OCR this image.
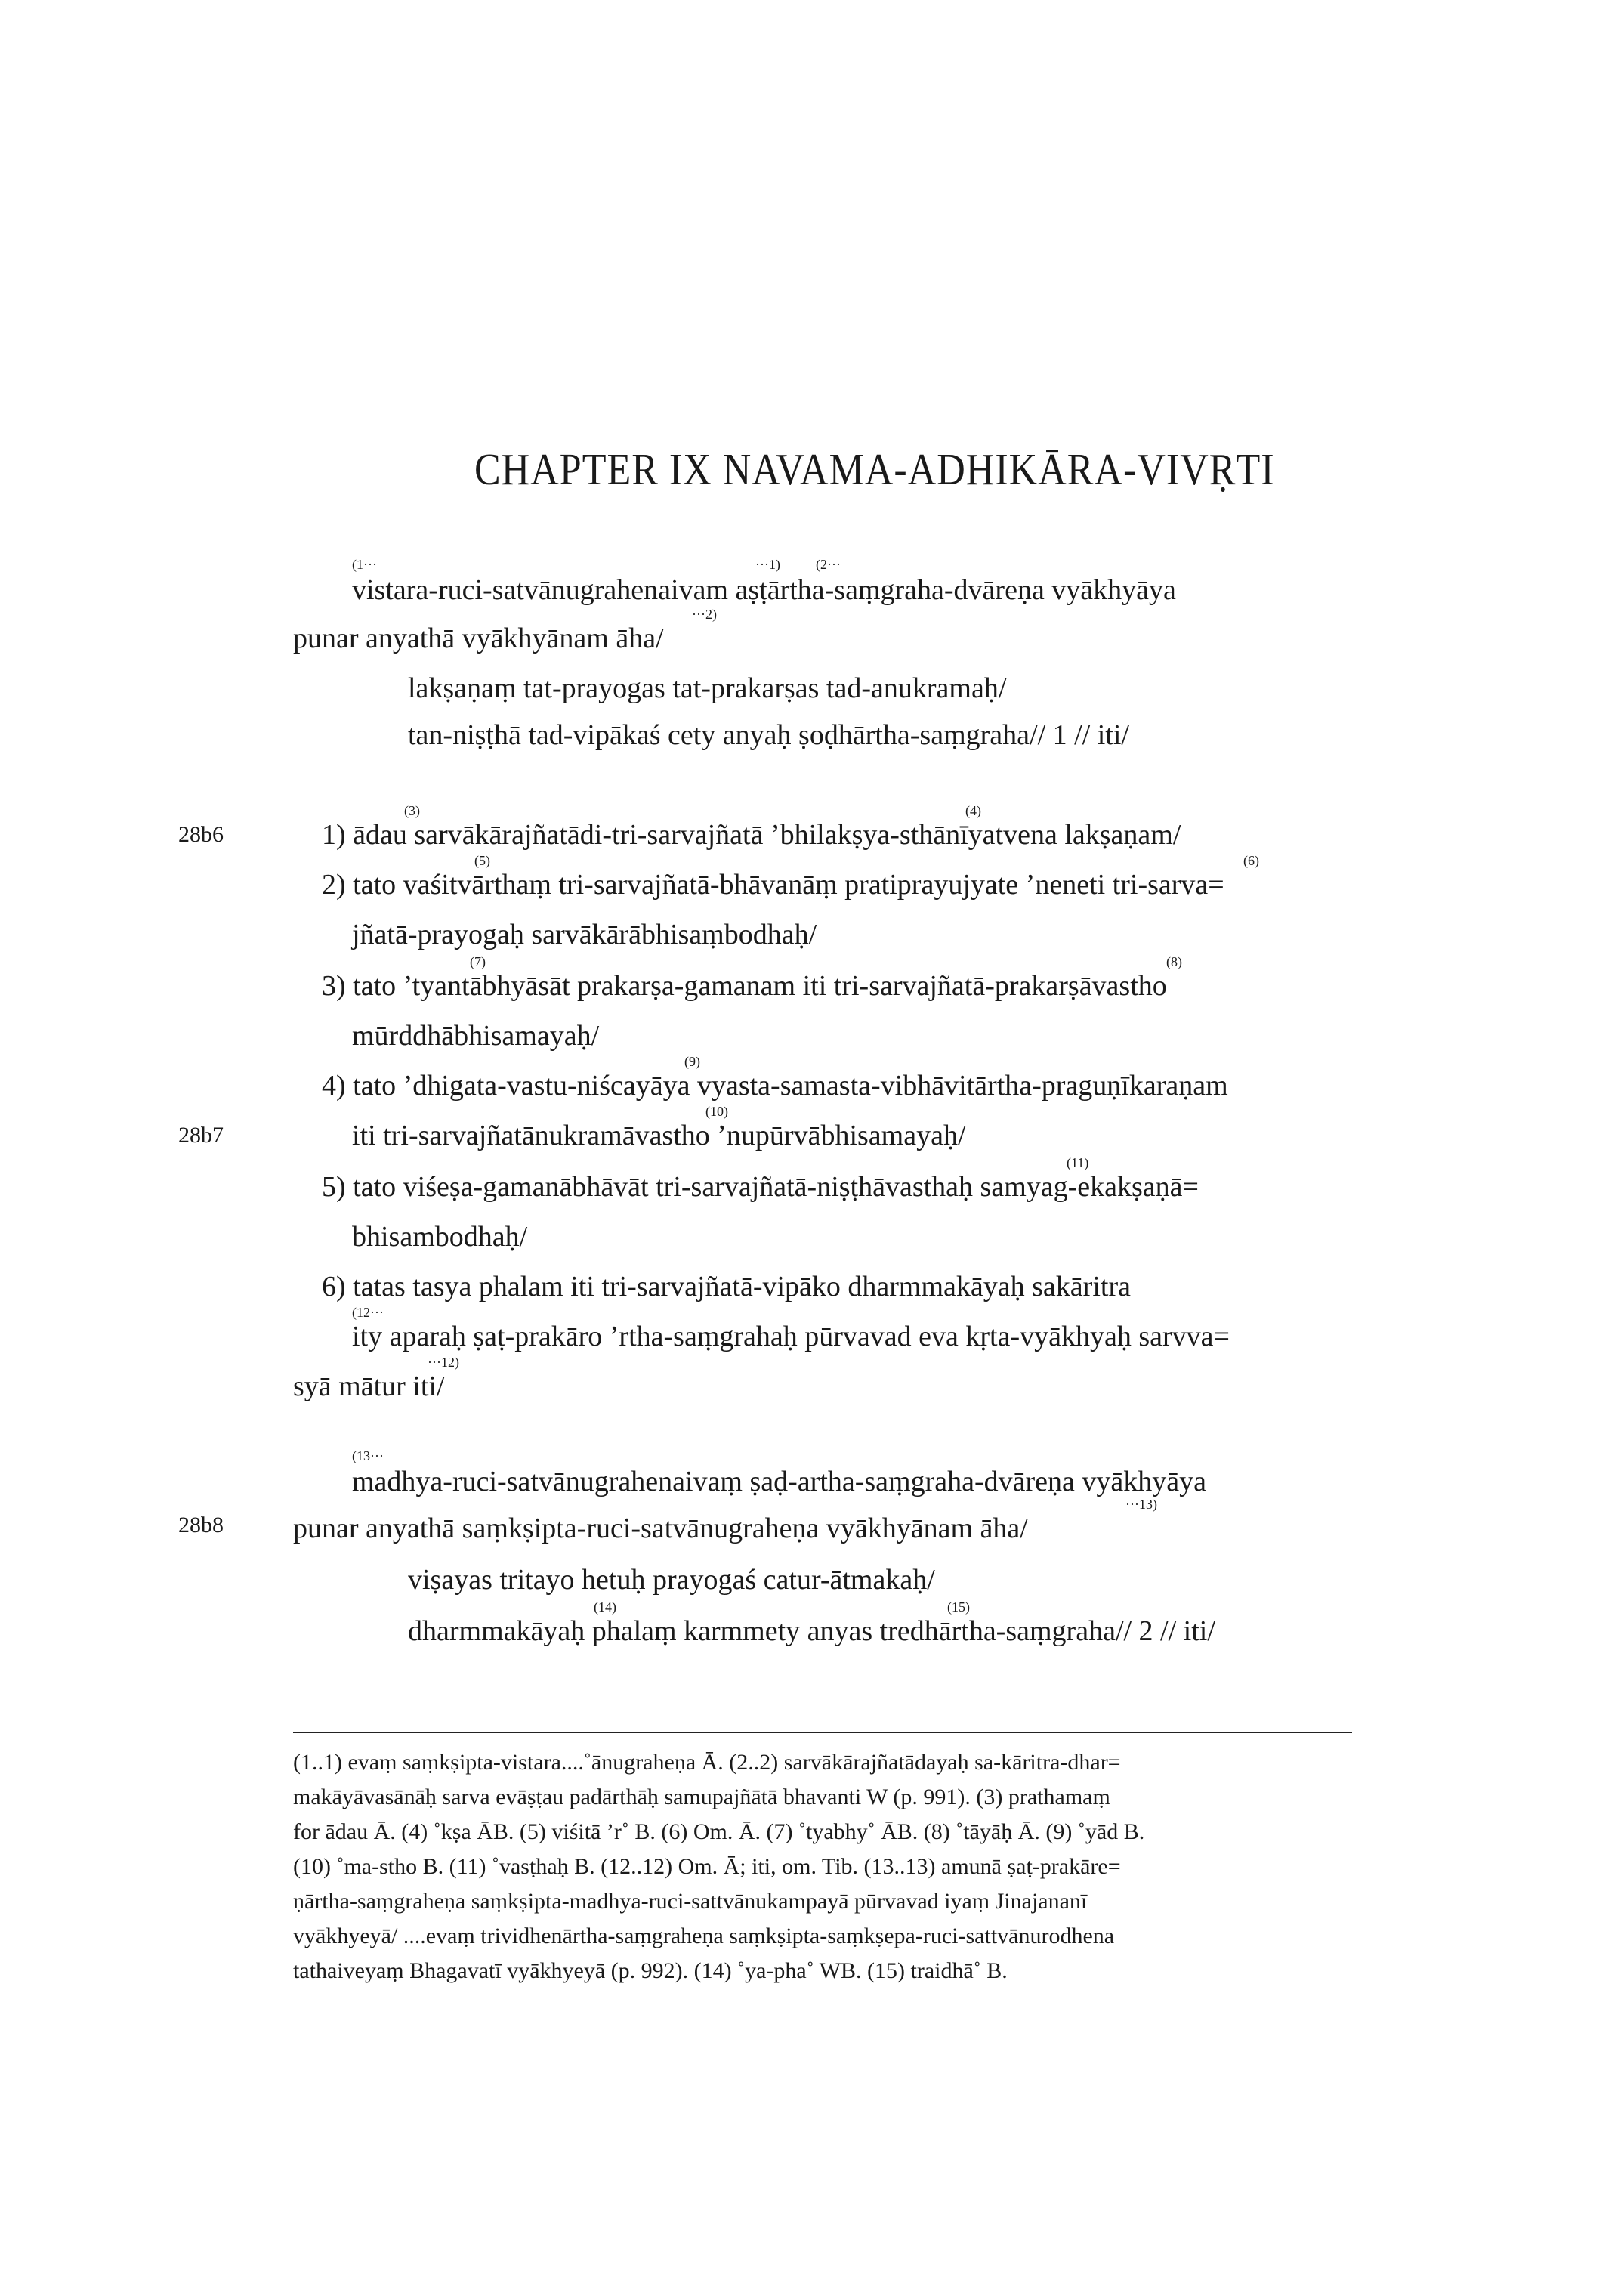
CHAPTER IX NAVAMA-ADHIKĀRA-VIVṚTI
28b6
28b7
28b8
(1···	···1)	(2···
vistara-ruci-satvānugrahenaivam aṣṭārtha-saṃgraha-dvāreṇa vyākhyāya
···2)
punar anyathā vyākhyānam āha/
lakṣaṇaṃ tat-prayogas tat-prakarṣas tad-anukramaḥ/
tan-niṣṭhā tad-vipākaś cety anyaḥ ṣoḍhārtha-saṃgraha// 1 // iti/
(3)	(4)
1) ādau sarvākārajñatādi-tri-sarvajñatā ’bhilakṣya-sthānīyatvena lakṣaṇam/
(5)	(6)
2) tato vaśitvārthaṃ tri-sarvajñatā-bhāvanāṃ pratiprayujyate ’neneti tri-sarva=
jñatā-prayogaḥ sarvākārābhisaṃbodhaḥ/
(7)	(8)
3) tato ’tyantābhyāsāt prakarṣa-gamanam iti tri-sarvajñatā-prakarṣāvastho
mūrddhābhisamayaḥ/
(9)
4) tato ’dhigata-vastu-niścayāya vyasta-samasta-vibhāvitārtha-praguṇīkaraṇam
(10)
iti tri-sarvajñatānukramāvastho ’nupūrvābhisamayaḥ/
(11)
5) tato viśeṣa-gamanābhāvāt tri-sarvajñatā-niṣṭhāvasthaḥ samyag-ekakṣaṇā=
bhisambodhaḥ/
6) tatas tasya phalam iti tri-sarvajñatā-vipāko dharmmakāyaḥ sakāritra
(12···
ity aparaḥ ṣaṭ-prakāro ’rtha-saṃgrahaḥ pūrvavad eva kṛta-vyākhyaḥ sarvva=
···12)
syā mātur iti/
(13···
madhya-ruci-satvānugrahenaivaṃ ṣaḍ-artha-saṃgraha-dvāreṇa vyākhyāya
···13)
punar anyathā saṃkṣipta-ruci-satvānugraheṇa vyākhyānam āha/
viṣayas tritayo hetuḥ prayogaś catur-ātmakaḥ/
(14)	(15)
dharmmakāyaḥ phalaṃ karmmety anyas tredhārtha-saṃgraha// 2 // iti/
(1..1) evaṃ saṃkṣipta-vistara....˚ānugraheṇa Ā. (2..2) sarvākārajñatādayaḥ sa-kāritra-dhar=
makāyāvasānāḥ sarva evāṣṭau padārthāḥ samupajñātā bhavanti W (p. 991). (3) prathamaṃ
for ādau Ā. (4) ˚kṣa ĀB. (5) viśitā ’r˚ B. (6) Om. Ā. (7) ˚tyabhy˚ ĀB. (8) ˚tāyāḥ Ā. (9) ˚yād B.
(10) ˚ma-stho B. (11) ˚vasṭhaḥ B. (12..12) Om. Ā; iti, om. Tib. (13..13) amunā ṣaṭ-prakāre=
ṇārtha-saṃgraheṇa saṃkṣipta-madhya-ruci-sattvānukampayā pūrvavad iyaṃ Jinajananī
vyākhyeyā/ ....evaṃ trividhenārtha-saṃgraheṇa saṃkṣipta-saṃkṣepa-ruci-sattvānurodhena
tathaiveyaṃ Bhagavatī vyākhyeyā (p. 992). (14) ˚ya-pha˚ WB. (15) traidhā˚ B.
